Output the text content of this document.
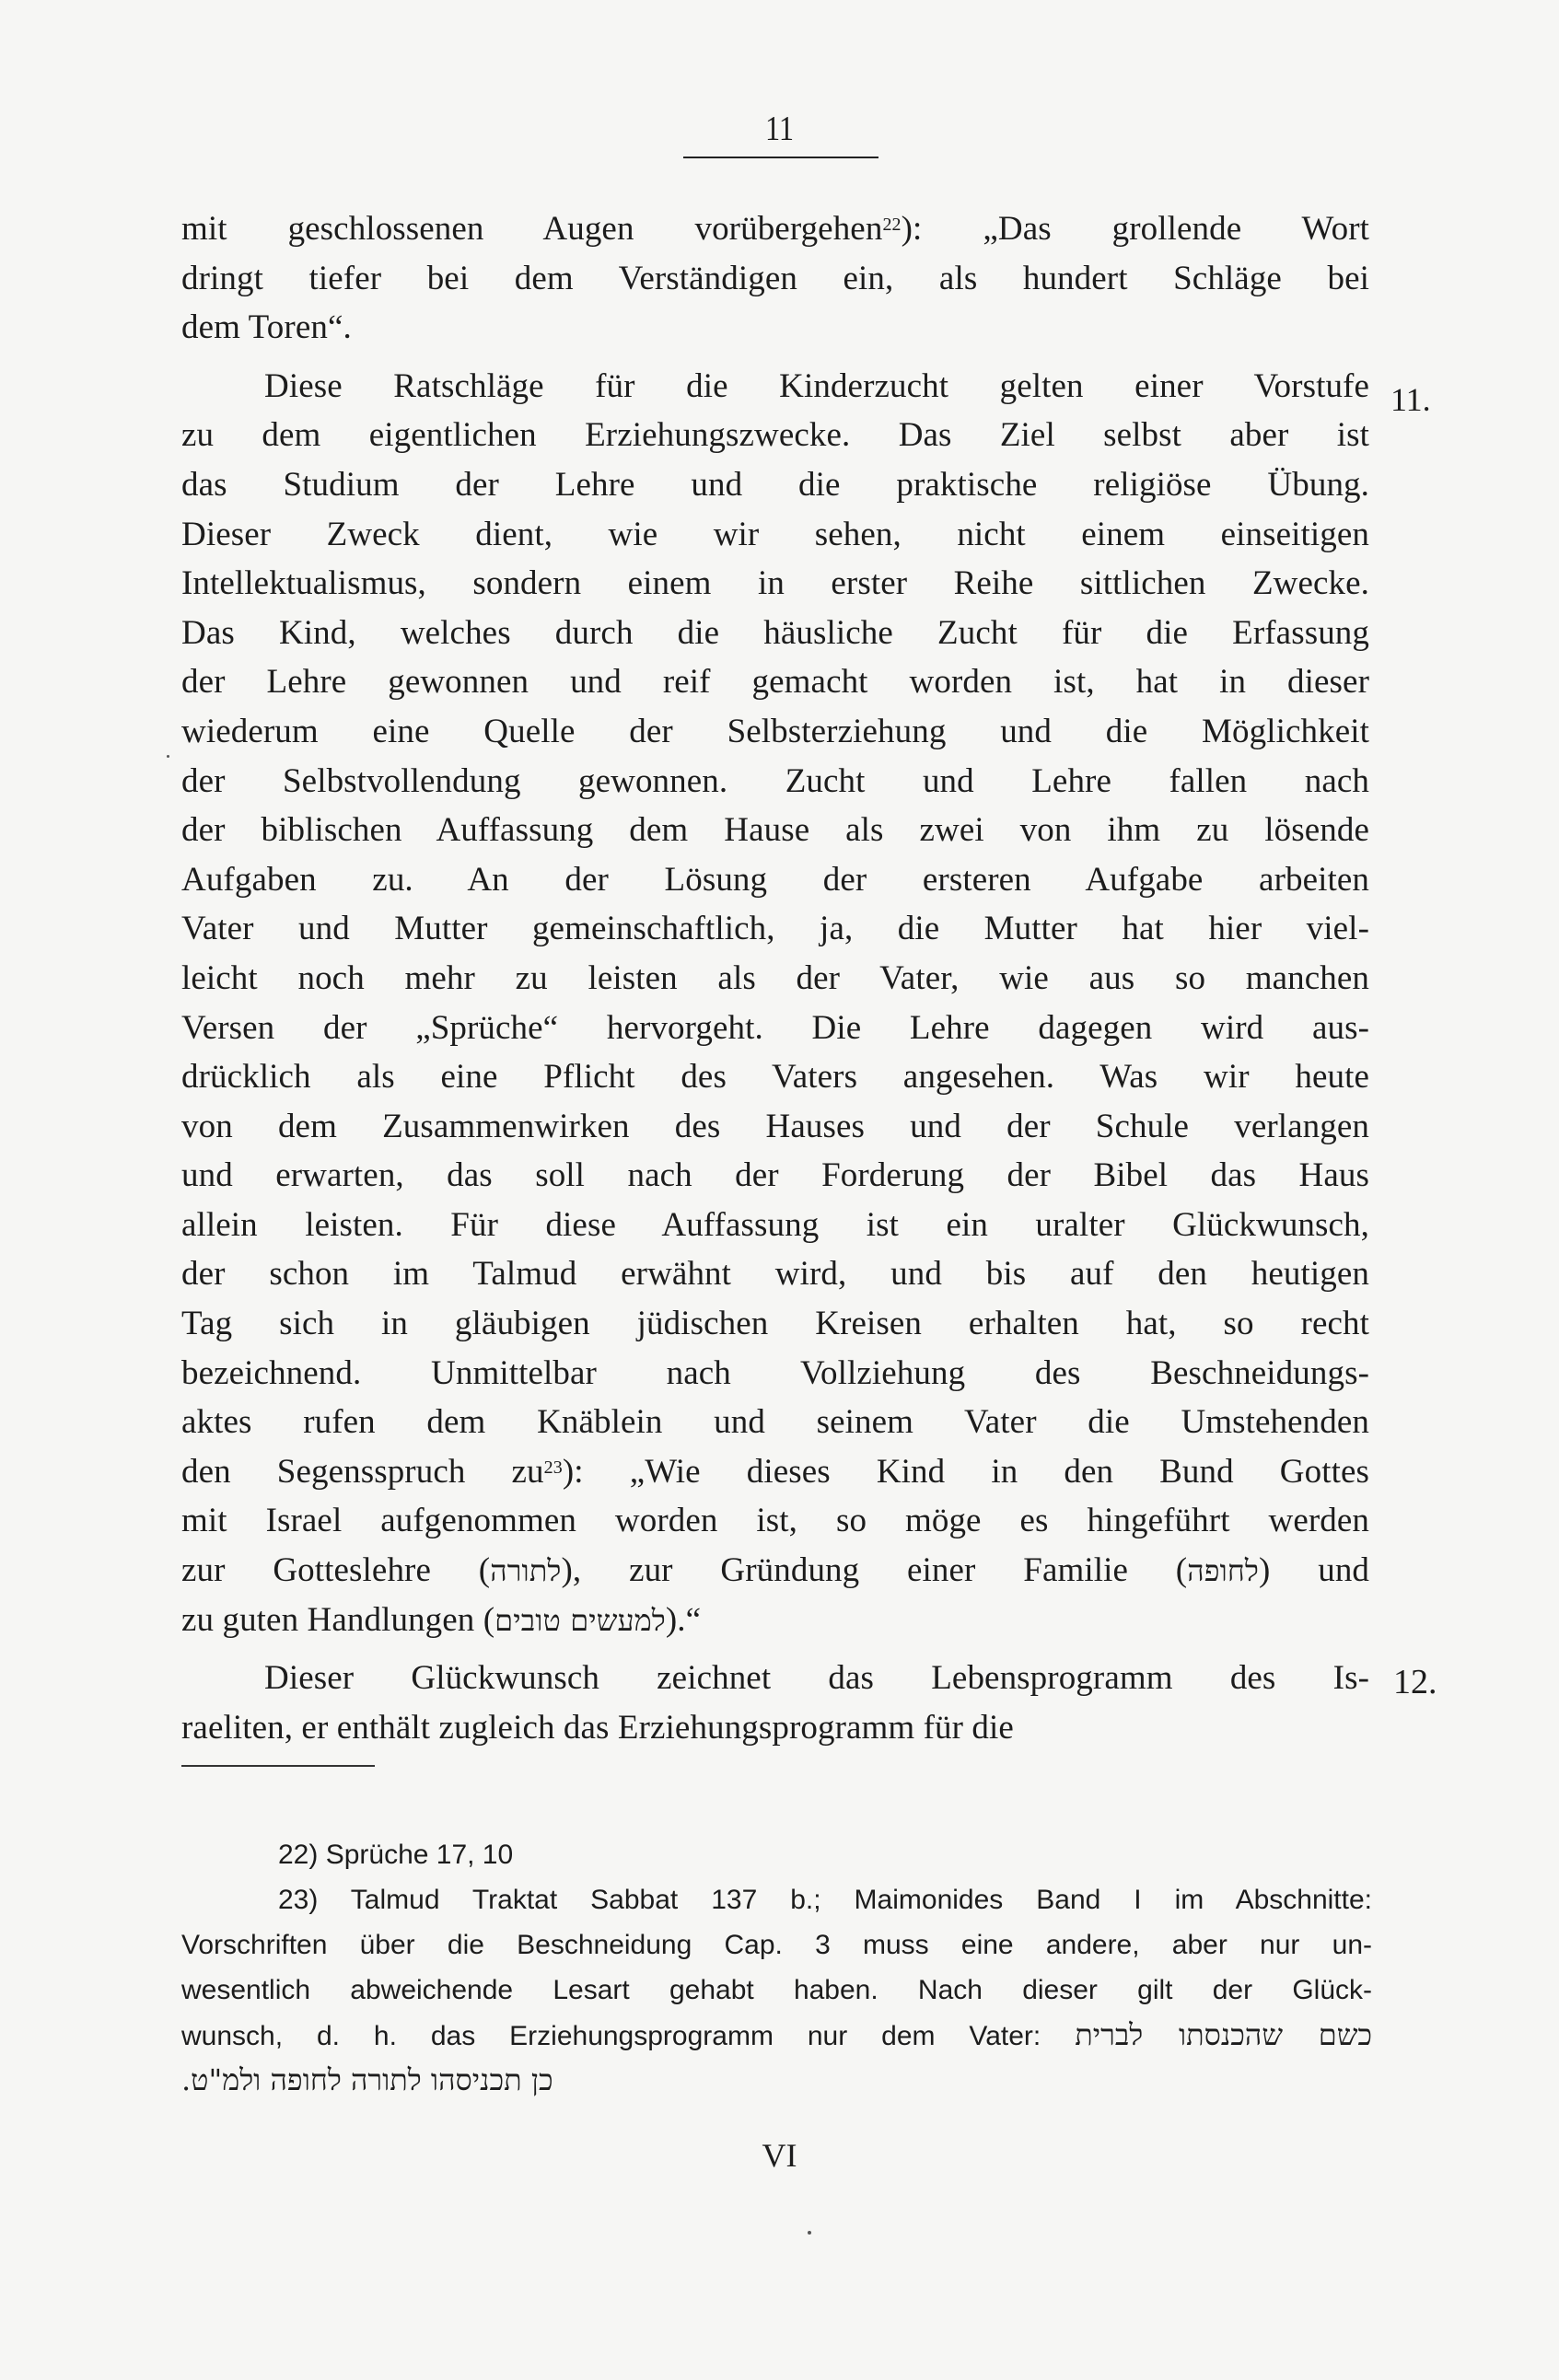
11
mit geschlossenen Augen vorübergehen$^{22}$): „Das grollende Wort
dringt tiefer bei dem Verständigen ein, als hundert Schläge bei
dem Toren“.
Diese Ratschläge für die Kinderzucht gelten einer Vorstufe
zu dem eigentlichen Erziehungszwecke. Das Ziel selbst aber ist
das Studium der Lehre und die praktische religiöse Übung.
Dieser Zweck dient, wie wir sehen, nicht einem einseitigen
Intellektualismus, sondern einem in erster Reihe sittlichen Zwecke.
Das Kind, welches durch die häusliche Zucht für die Erfassung
der Lehre gewonnen und reif gemacht worden ist, hat in dieser
wiederum eine Quelle der Selbsterziehung und die Möglichkeit
der Selbstvollendung gewonnen. Zucht und Lehre fallen nach
der biblischen Auffassung dem Hause als zwei von ihm zu lösende
Aufgaben zu. An der Lösung der ersteren Aufgabe arbeiten
Vater und Mutter gemeinschaftlich, ja, die Mutter hat hier viel-
leicht noch mehr zu leisten als der Vater, wie aus so manchen
Versen der „Sprüche“ hervorgeht. Die Lehre dagegen wird aus-
drücklich als eine Pflicht des Vaters angesehen. Was wir heute
von dem Zusammenwirken des Hauses und der Schule verlangen
und erwarten, das soll nach der Forderung der Bibel das Haus
allein leisten. Für diese Auffassung ist ein uralter Glückwunsch,
der schon im Talmud erwähnt wird, und bis auf den heutigen
Tag sich in gläubigen jüdischen Kreisen erhalten hat, so recht
bezeichnend. Unmittelbar nach Vollziehung des Beschneidungs-
aktes rufen dem Knäblein und seinem Vater die Umstehenden
den Segensspruch $zu^{23}$): „Wie dieses Kind in den Bund Gottes
mit Israel aufgenommen worden ist, so möge es hingeführt werden
zur Gotteslehre (לתורה), zur Gründung einer Familie (לחופה) und
zu guten Handlungen (למעשים טובים).“
Dieser Glückwunsch zeichnet das Lebensprogramm des Is-
raeliten, er enthält zugleich das Erziehungsprogramm für die
11.
12.
22) Sprüche 17, 10
23) Talmud Traktat Sabbat 137 b.; Maimonides Band I im Abschnitte:
Vorschriften über die Beschneidung Cap. 3 muss eine andere, aber nur un-
wesentlich abweichende Lesart gehabt haben. Nach dieser gilt der Glück-
wunsch, d. h. das Erziehungsprogramm nur dem Vater: כשם שהכנסתו לברית
כן תכניסהו לתורה לחופה ולמ"ט.
VI
